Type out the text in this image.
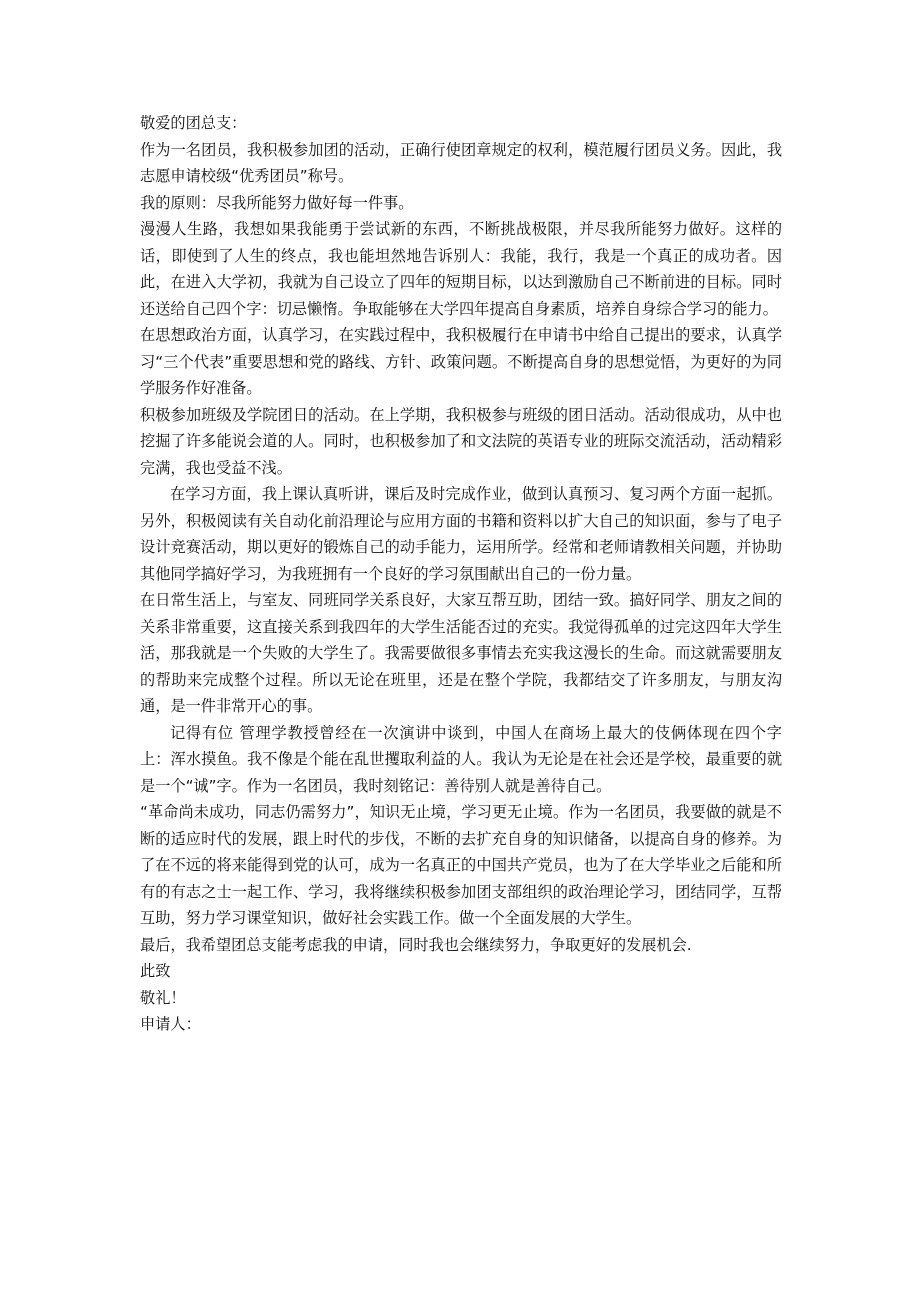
敬爱的团总支：

作为一名团员，我积极参加团的活动，正确行使团章规定的权利，模范履行团员义务。因此，我志愿申请校级“优秀团员”称号。

我的原则：尽我所能努力做好每一件事。

漫漫人生路，我想如果我能勇于尝试新的东西，不断挑战极限，并尽我所能努力做好。这样的话，即使到了人生的终点，我也能坦然地告诉别人：我能，我行，我是一个真正的成功者。因此，在进入大学初，我就为自己设立了四年的短期目标，以达到激励自己不断前进的目标。同时还送给自己四个字：切忌懒惰。争取能够在大学四年提高自身素质，培养自身综合学习的能力。

在思想政治方面，认真学习，在实践过程中，我积极履行在申请书中给自己提出的要求，认真学习“三个代表”重要思想和党的路线、方针、政策问题。不断提高自身的思想觉悟，为更好的为同学服务作好准备。

积极参加班级及学院团日的活动。在上学期，我积极参与班级的团日活动。活动很成功，从中也挖掘了许多能说会道的人。同时，也积极参加了和文法院的英语专业的班际交流活动，活动精彩完满，我也受益不浅。

在学习方面，我上课认真听讲，课后及时完成作业，做到认真预习、复习两个方面一起抓。另外，积极阅读有关自动化前沿理论与应用方面的书籍和资料以扩大自己的知识面，参与了电子设计竞赛活动，期以更好的锻炼自己的动手能力，运用所学。经常和老师请教相关问题，并协助其他同学搞好学习，为我班拥有一个良好的学习氛围献出自己的一份力量。

在日常生活上，与室友、同班同学关系良好，大家互帮互助，团结一致。搞好同学、朋友之间的关系非常重要，这直接关系到我四年的大学生活能否过的充实。我觉得孤单的过完这四年大学生活，那我就是一个失败的大学生了。我需要做很多事情去充实我这漫长的生命。而这就需要朋友的帮助来完成整个过程。所以无论在班里，还是在整个学院，我都结交了许多朋友，与朋友沟通，是一件非常开心的事。

记得有位 管理学教授曾经在一次演讲中谈到，中国人在商场上最大的伎俩体现在四个字上：浑水摸鱼。我不像是个能在乱世攫取利益的人。我认为无论是在社会还是学校，最重要的就是一个“诚”字。作为一名团员，我时刻铭记：善待别人就是善待自己。

“革命尚未成功，同志仍需努力”，知识无止境，学习更无止境。作为一名团员，我要做的就是不断的适应时代的发展，跟上时代的步伐，不断的去扩充自身的知识储备，以提高自身的修养。为了在不远的将来能得到党的认可，成为一名真正的中国共产党员，也为了在大学毕业之后能和所有的有志之士一起工作、学习，我将继续积极参加团支部组织的政治理论学习，团结同学，互帮互助，努力学习课堂知识，做好社会实践工作。做一个全面发展的大学生。

最后，我希望团总支能考虑我的申请，同时我也会继续努力，争取更好的发展机会.

此致

敬礼！

申请人：
